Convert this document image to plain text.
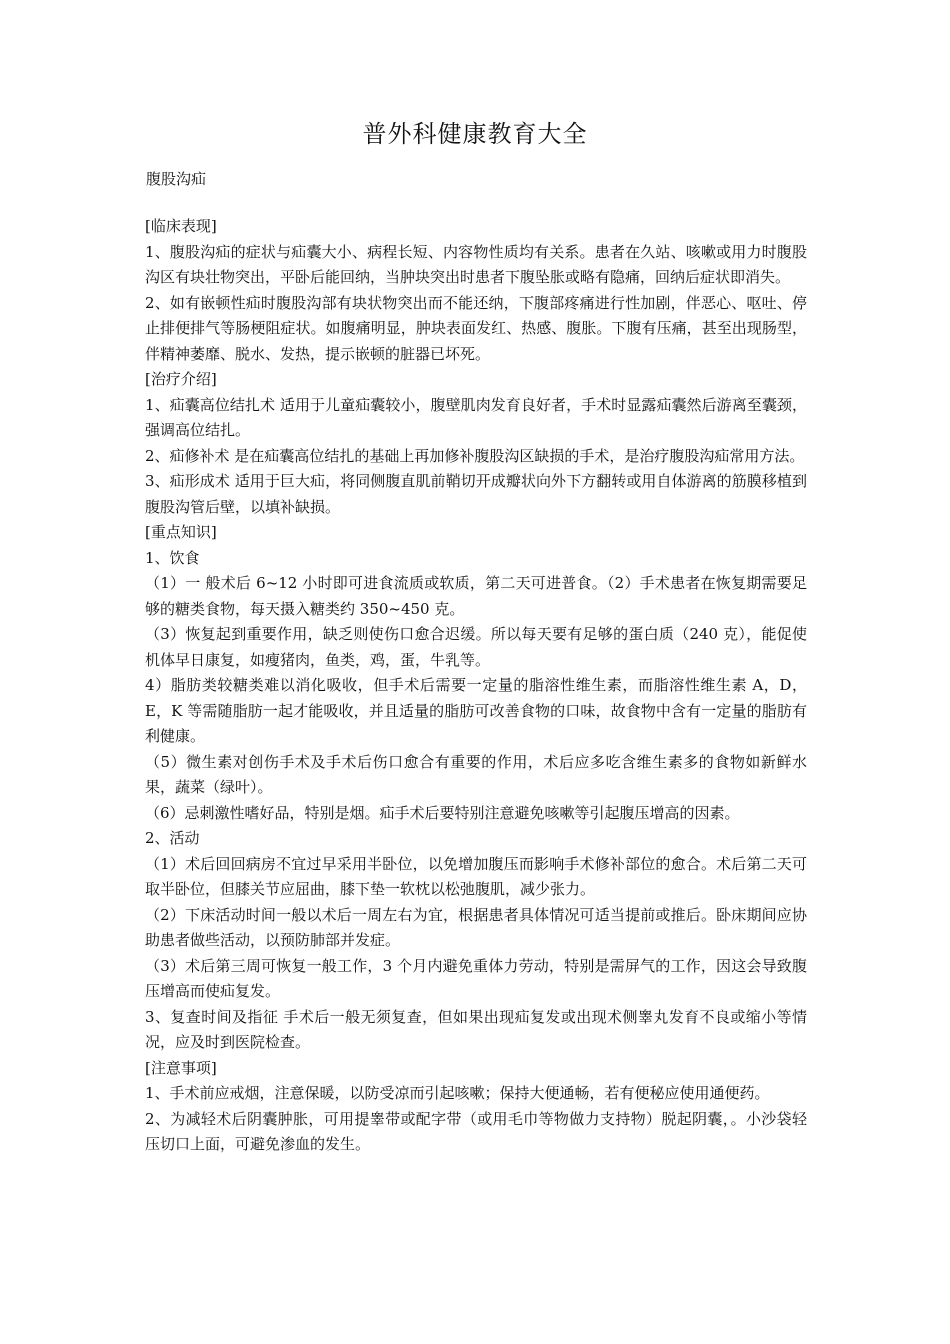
普外科健康教育大全
腹股沟疝

[临床表现]

1、腹股沟疝的症状与疝囊大小、病程长短、内容物性质均有关系。患者在久站、咳嗽或用力时腹股沟区有块壮物突出，平卧后能回纳，当肿块突出时患者下腹坠胀或略有隐痛，回纳后症状即消失。

2、如有嵌顿性疝时腹股沟部有块状物突出而不能还纳，下腹部疼痛进行性加剧，伴恶心、呕吐、停止排便排气等肠梗阻症状。如腹痛明显，肿块表面发红、热感、腹胀。下腹有压痛，甚至出现肠型，伴精神萎靡、脱水、发热，提示嵌顿的脏器已坏死。

[治疗介绍]

1、疝囊高位结扎术 适用于儿童疝囊较小，腹壁肌肉发育良好者，手术时显露疝囊然后游离至囊颈，强调高位结扎。

2、疝修补术 是在疝囊高位结扎的基础上再加修补腹股沟区缺损的手术，是治疗腹股沟疝常用方法。

3、疝形成术 适用于巨大疝，将同侧腹直肌前鞘切开成瓣状向外下方翻转或用自体游离的筋膜移植到腹股沟管后壁，以填补缺损。

[重点知识]

1、饮食

（1）一 般术后 6~12 小时即可进食流质或软质，第二天可进普食。（2）手术患者在恢复期需要足够的糖类食物，每天摄入糖类约 350~450 克。

（3）恢复起到重要作用，缺乏则使伤口愈合迟缓。所以每天要有足够的蛋白质（240 克），能促使机体早日康复，如瘦猪肉，鱼类，鸡，蛋，牛乳等。

4）脂肪类较糖类难以消化吸收，但手术后需要一定量的脂溶性维生素，而脂溶性维生素 A，D，E，K 等需随脂肪一起才能吸收，并且适量的脂肪可改善食物的口味，故食物中含有一定量的脂肪有利健康。

（5）微生素对创伤手术及手术后伤口愈合有重要的作用，术后应多吃含维生素多的食物如新鲜水果，蔬菜（绿叶）。

（6）忌刺激性嗜好品，特别是烟。疝手术后要特别注意避免咳嗽等引起腹压增高的因素。

2、活动

（1）术后回回病房不宜过早采用半卧位，以免增加腹压而影响手术修补部位的愈合。术后第二天可取半卧位，但膝关节应屈曲，膝下垫一软枕以松弛腹肌，减少张力。

（2）下床活动时间一般以术后一周左右为宜，根据患者具体情况可适当提前或推后。卧床期间应协助患者做些活动，以预防肺部并发症。

（3）术后第三周可恢复一般工作，3 个月内避免重体力劳动，特别是需屏气的工作，因这会导致腹压增高而使疝复发。

3、复查时间及指征 手术后一般无须复查，但如果出现疝复发或出现术侧睾丸发育不良或缩小等情况，应及时到医院检查。

[注意事项]

1、手术前应戒烟，注意保暖，以防受凉而引起咳嗽；保持大便通畅，若有便秘应使用通便药。

2、为减轻术后阴囊肿胀，可用提睾带或配字带（或用毛巾等物做力支持物）脱起阴囊，。小沙袋轻压切口上面，可避免渗血的发生。
